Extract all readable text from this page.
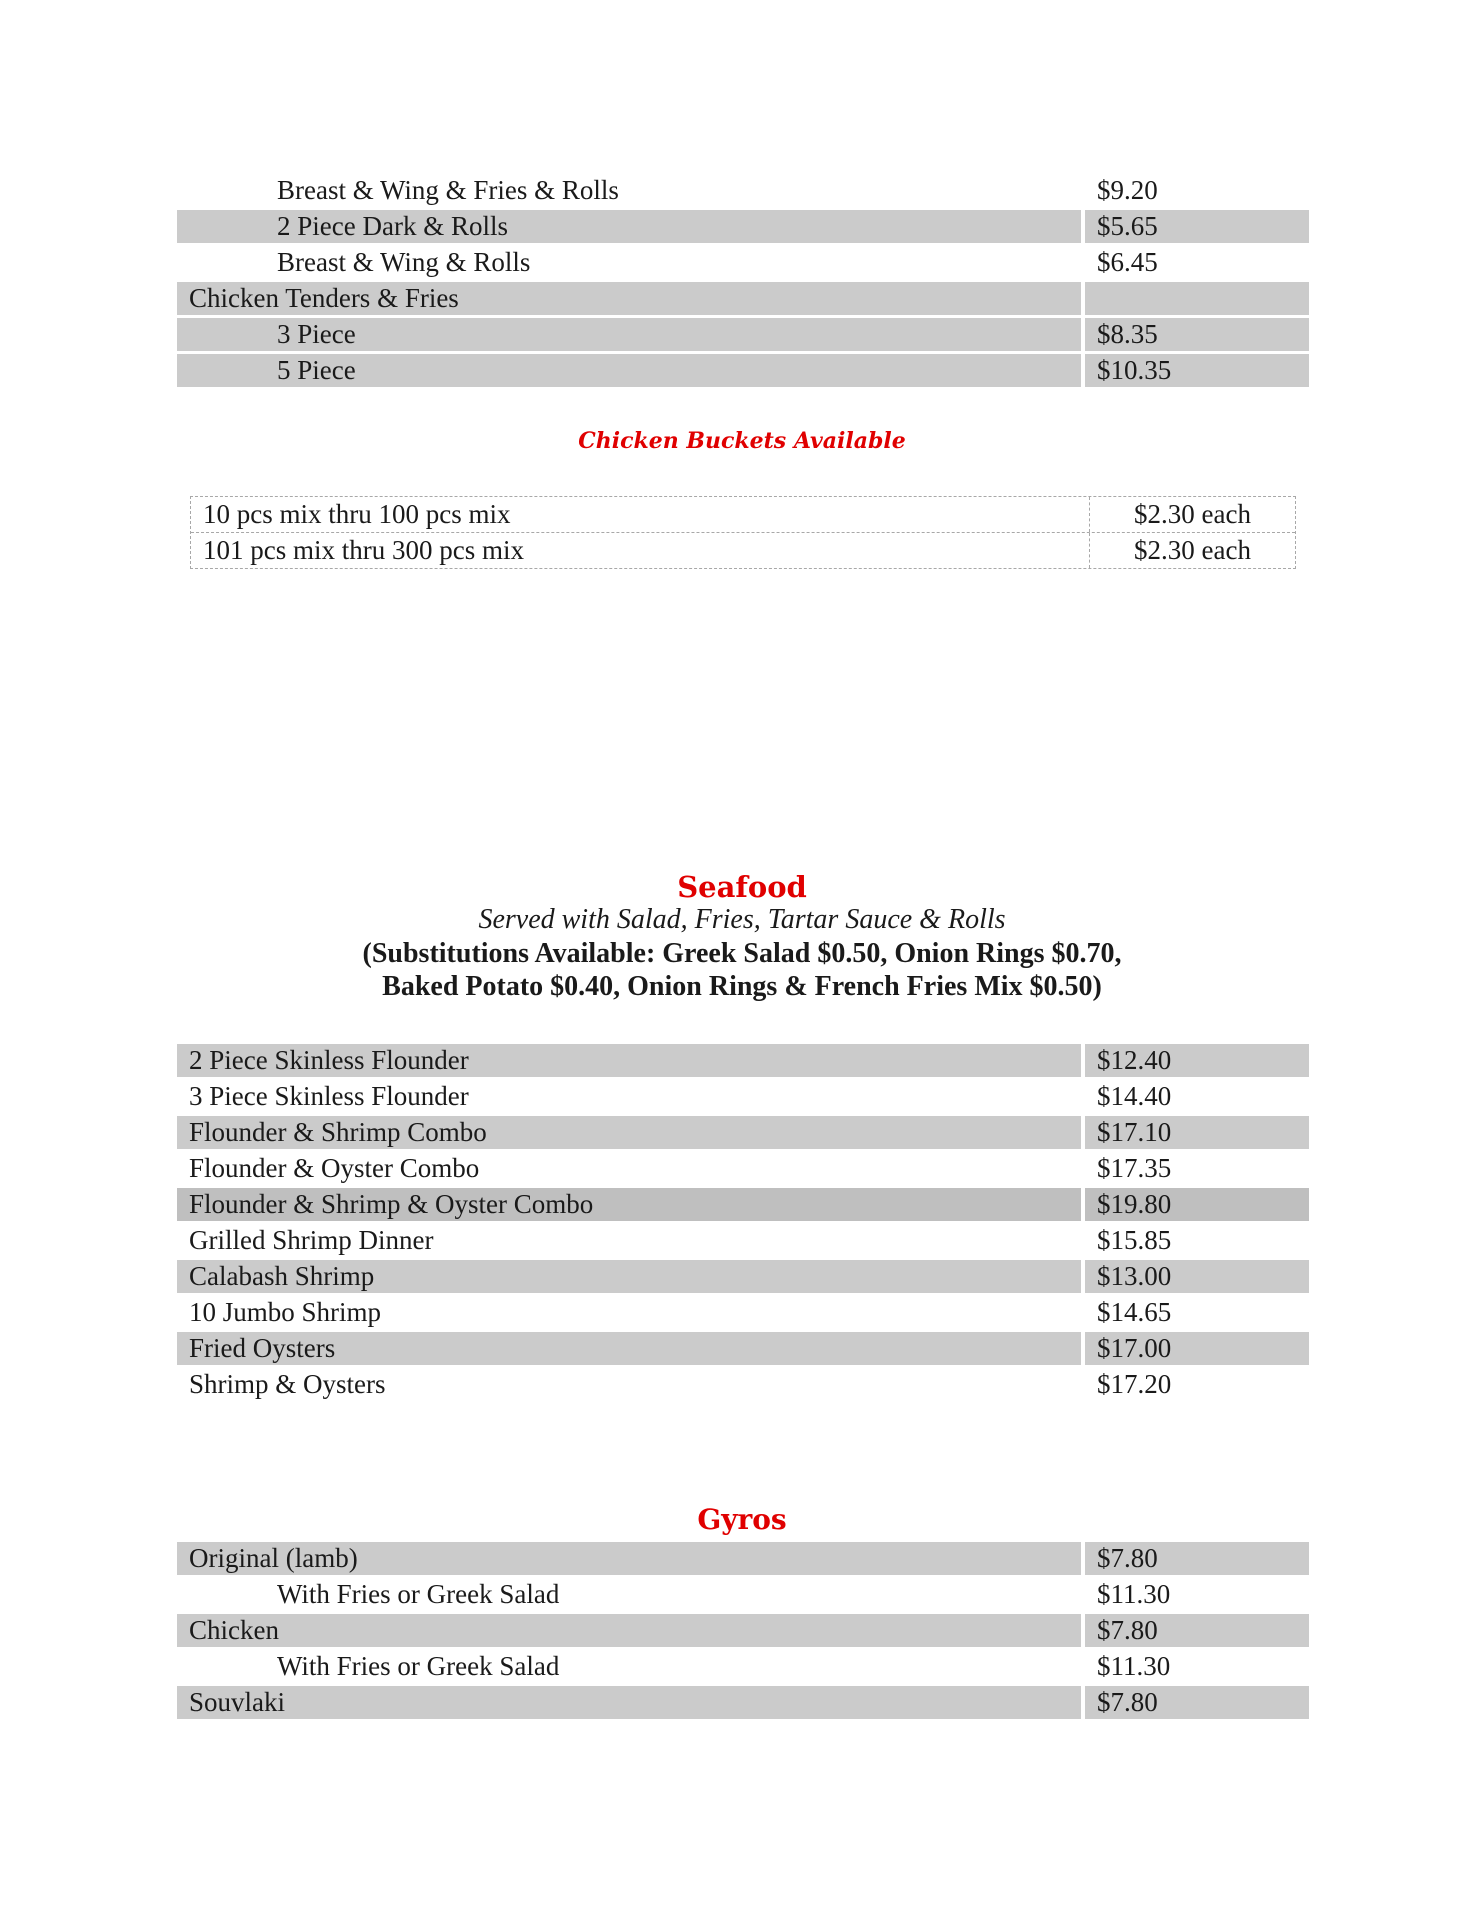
Breast & Wing & Fries & Rolls	$9.20
2 Piece Dark & Rolls	$5.65
Breast & Wing & Rolls	$6.45
Chicken Tenders & Fries
3 Piece	$8.35
5 Piece	$10.35
Chicken Buckets Available
10 pcs mix thru 100 pcs mix	$2.30 each
101 pcs mix thru 300 pcs mix	$2.30 each
Seafood
Served with Salad, Fries, Tartar Sauce & Rolls
(Substitutions Available: Greek Salad $0.50, Onion Rings $0.70,
Baked Potato $0.40, Onion Rings & French Fries Mix $0.50)
2 Piece Skinless Flounder	$12.40
3 Piece Skinless Flounder	$14.40
Flounder & Shrimp Combo	$17.10
Flounder & Oyster Combo	$17.35
Flounder & Shrimp & Oyster Combo	$19.80
Grilled Shrimp Dinner	$15.85
Calabash Shrimp	$13.00
10 Jumbo Shrimp	$14.65
Fried Oysters	$17.00
Shrimp & Oysters	$17.20
Gyros
Original (lamb)	$7.80
With Fries or Greek Salad	$11.30
Chicken	$7.80
With Fries or Greek Salad	$11.30
Souvlaki	$7.80
